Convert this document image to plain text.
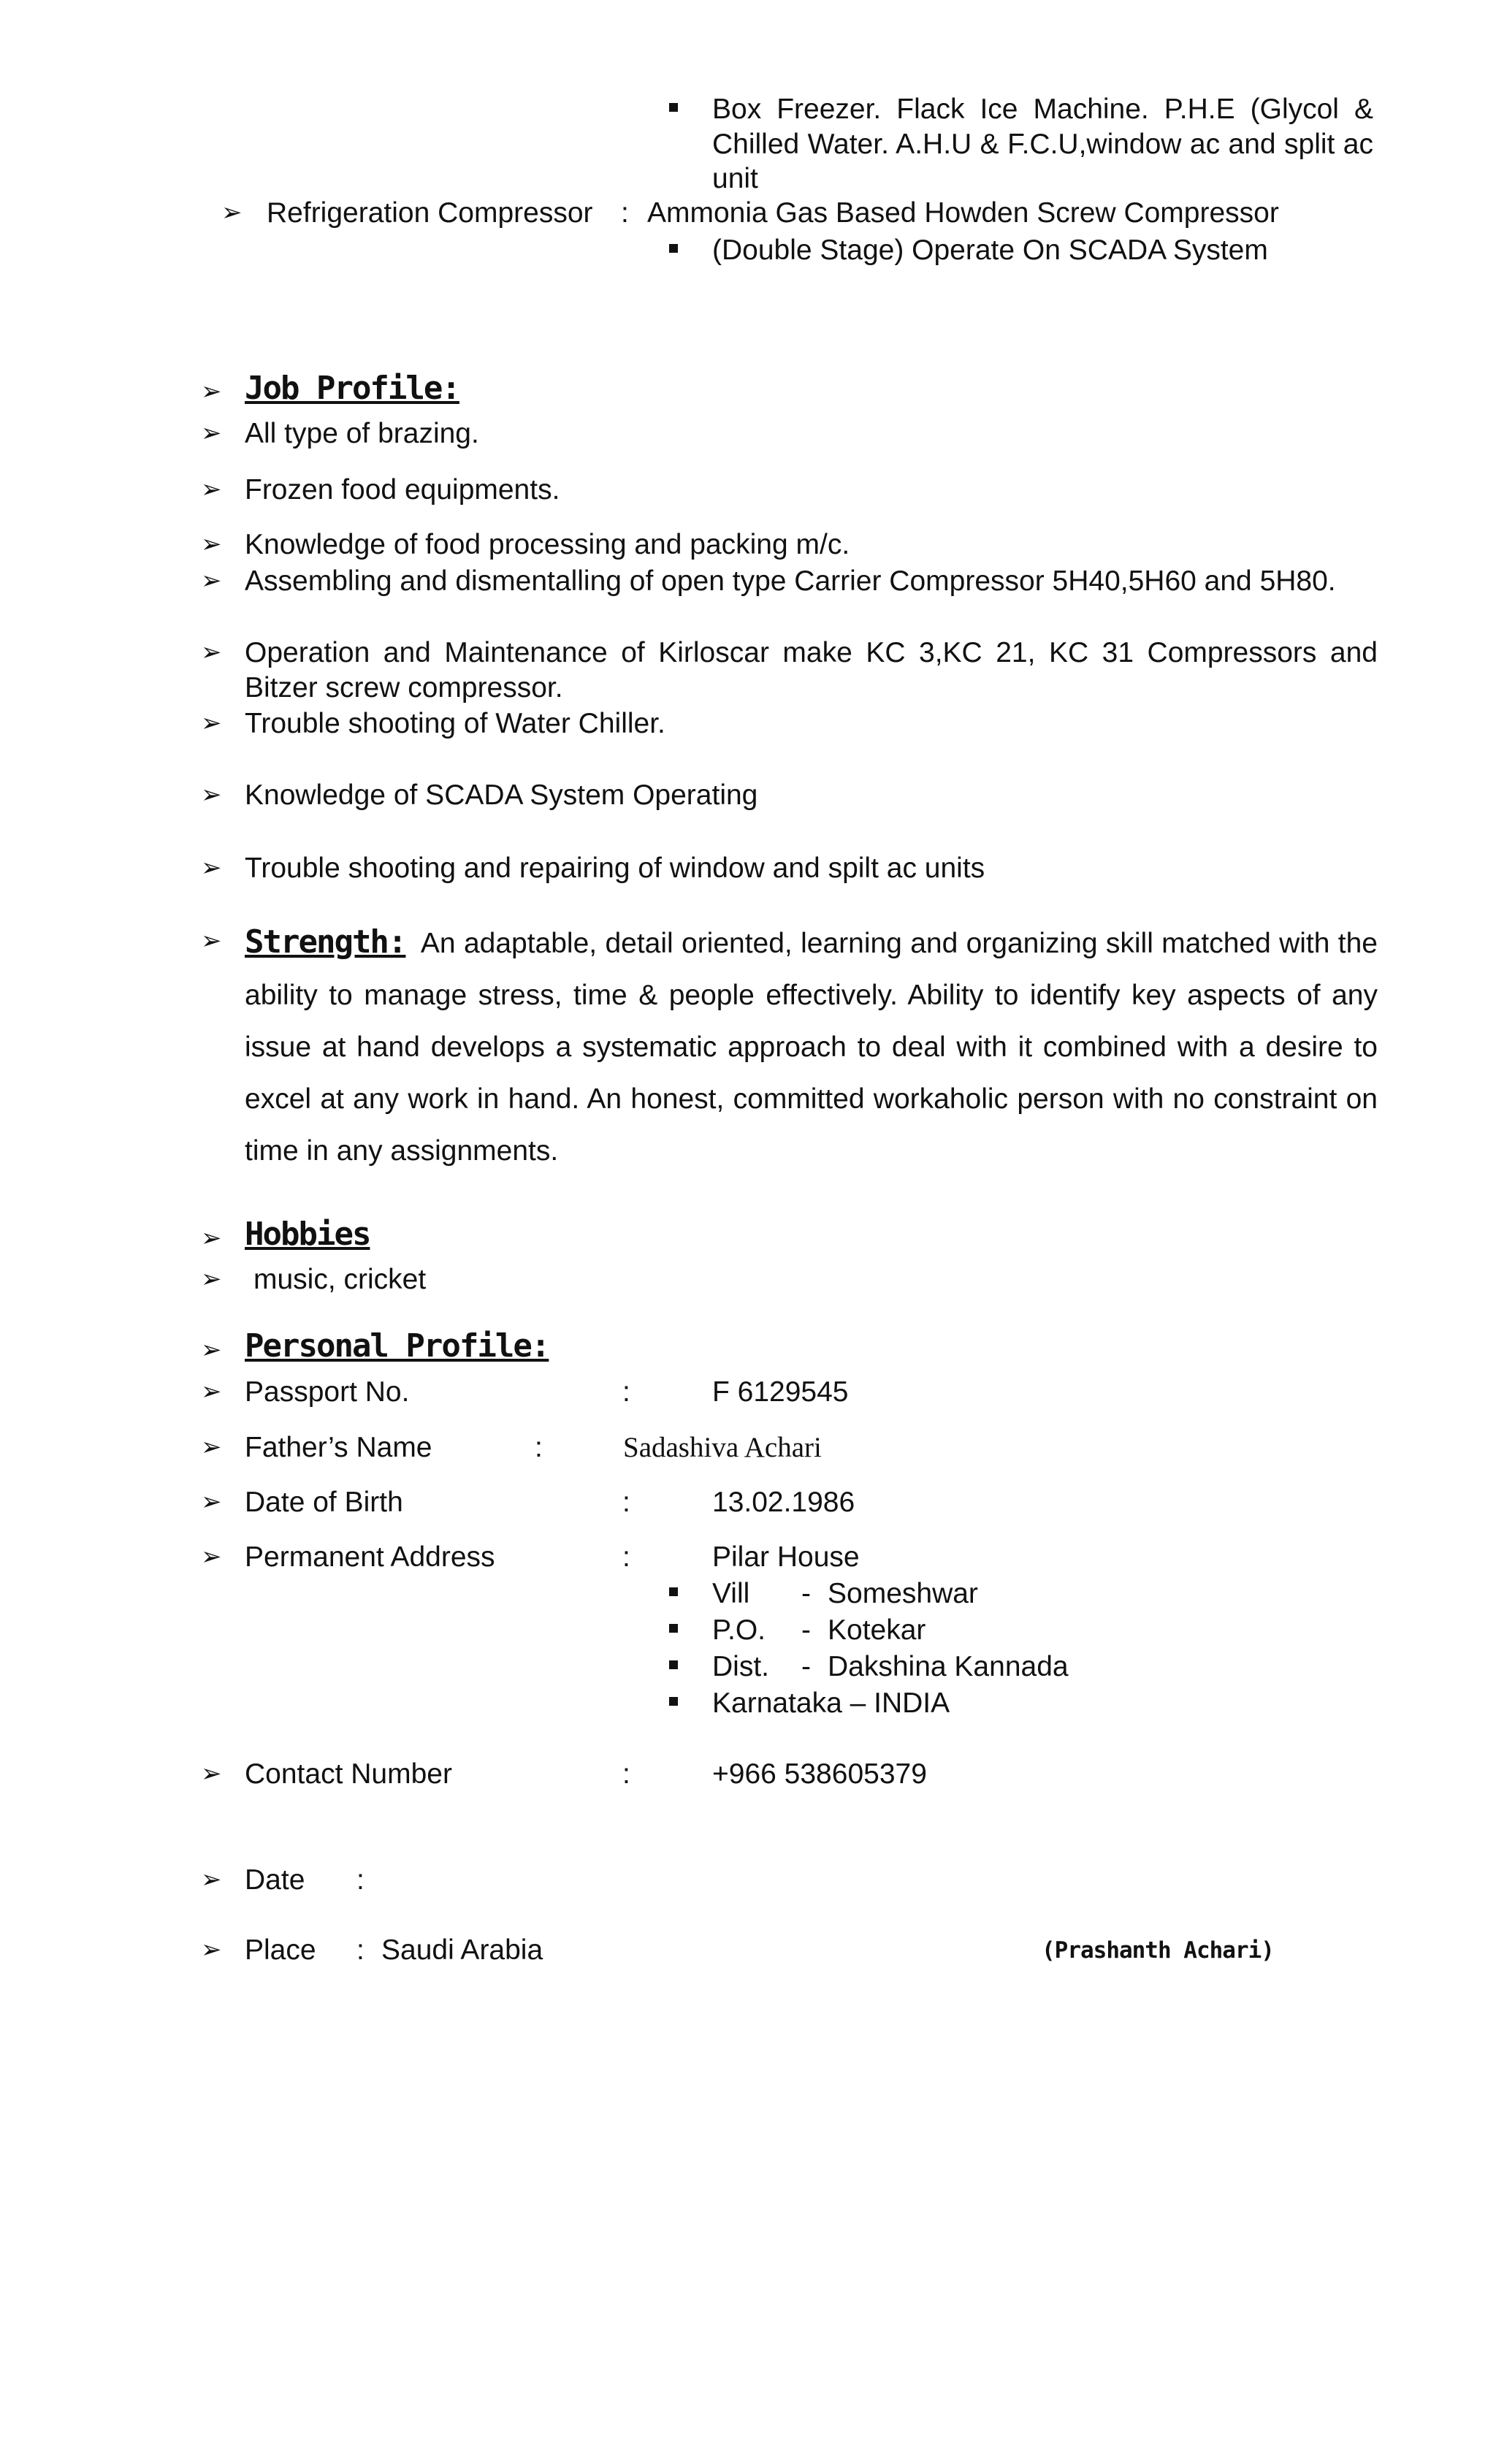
Box Freezer. Flack Ice Machine. P.H.E (Glycol & Chilled Water. A.H.U & F.C.U,window ac and split ac unit
➢ Refrigeration Compressor : Ammonia Gas Based Howden Screw Compressor
(Double Stage) Operate On SCADA System
➢ Job Profile:
➢ All type of brazing.
➢ Frozen food equipments.
➢ Knowledge of food processing and packing m/c.
➢ Assembling and dismentalling of open type Carrier Compressor 5H40,5H60 and 5H80.
➢ Operation and Maintenance of Kirloscar make KC 3,KC 21, KC 31 Compressors and Bitzer screw compressor.
➢ Trouble shooting of Water Chiller.
➢ Knowledge of SCADA System Operating
➢ Trouble shooting and repairing of window and spilt ac units
➢ Strength: An adaptable, detail oriented, learning and organizing skill matched with the ability to manage stress, time & people effectively. Ability to identify key aspects of any issue at hand develops a systematic approach to deal with it combined with a desire to excel at any work in hand. An honest, committed workaholic person with no constraint on time in any assignments.
➢ Hobbies
➢ music, cricket
➢ Personal Profile:
➢ Passport No.	:	F 6129545
➢ Father’s Name	:	Sadashiva Achari
➢ Date of Birth	:	13.02.1986
➢ Permanent Address	:	Pilar House
Vill - Someshwar
P.O. - Kotekar
Dist. - Dakshina Kannada
Karnataka – INDIA
➢ Contact Number	:	+966 538605379
➢ Date :
➢ Place : Saudi Arabia	(Prashanth Achari)
